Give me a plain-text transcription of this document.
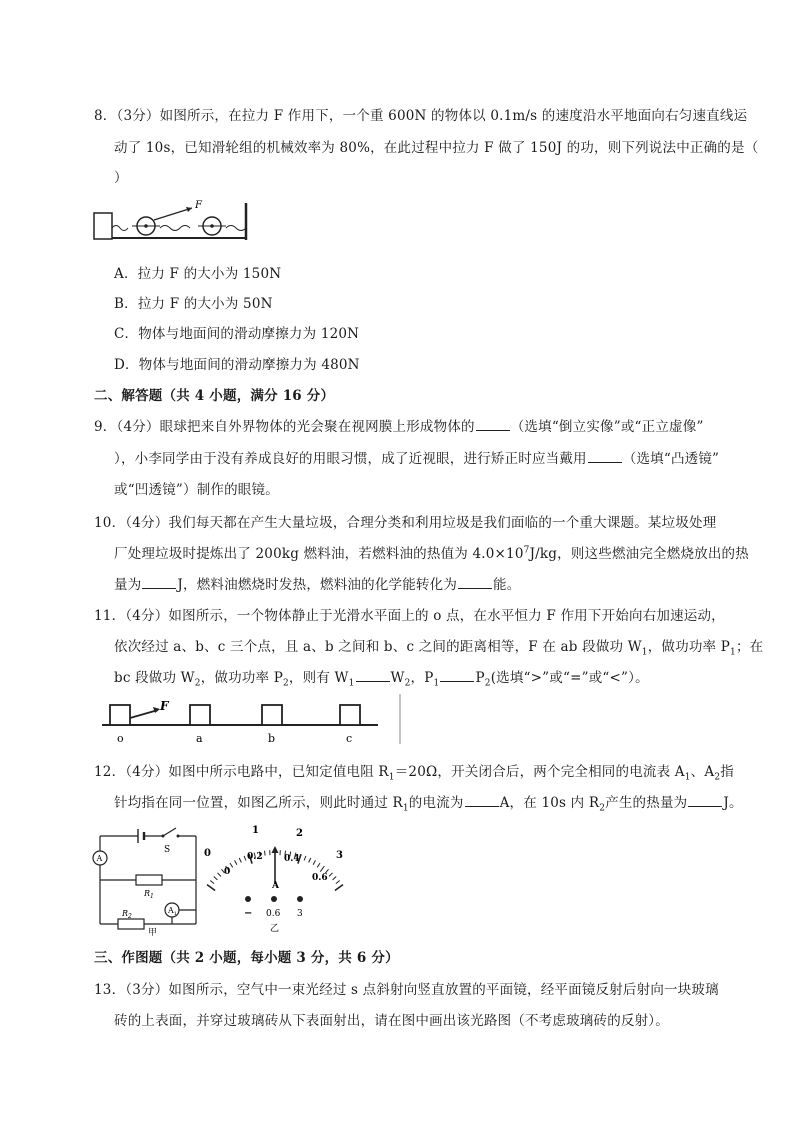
8．（3分）如图所示，在拉力 F 作用下，一个重 600N 的物体以 0.1m/s 的速度沿水平地面向右匀速直线运
动了 10s，已知滑轮组的机械效率为 80%，在此过程中拉力 F 做了 150J 的功，则下列说法中正确的是（
）
F
A．拉力 F 的大小为 150N
B．拉力 F 的大小为 50N
C．物体与地面间的滑动摩擦力为 120N
D．物体与地面间的滑动摩擦力为 480N
二、解答题（共 4 小题，满分 16 分）
9．（4分）眼球把来自外界物体的光会聚在视网膜上形成物体的	（选填“倒立实像”或“正立虚像”
），小李同学由于没有养成良好的用眼习惯，成了近视眼，进行矫正时应当戴用	（选填“凸透镜”
或“凹透镜”）制作的眼镜。
10．（4分）我们每天都在产生大量垃圾，合理分类和利用垃圾是我们面临的一个重大课题。某垃圾处理
厂处理垃圾时提炼出了 200kg 燃料油，若燃料油的热值为 $4.0\times 10^7J/kg$，则这些燃油完全燃烧放出的热
量为	J，燃料油燃烧时发热，燃料油的化学能转化为	能。
11．（4分）如图所示，一个物体静止于光滑水平面上的 o 点，在水平恒力 F 作用下开始向右加速运动，
依次经过 a、b、c 三个点，且 a、b 之间和 b、c 之间的距离相等，F 在 ab 段做功 $W_1$，做功功率 $P_1$；在
bc 段做功 $W_2$，做功功率 $P_2$，则有 $W_1$	$W_2$，$P_1$	$P_2$(选填“>”或“=”或“<”）。
F
o	a	b	c
12．（4分）如图中所示电路中，已知定值电阻 $R_1=20\Omega$，开关闭合后，两个完全相同的电流表 $A_1$、$A_2$指
针均指在同一位置，如图乙所示，则此时通过 $R_1$的电流为	A，在 10s 内 $R_2$产生的热量为	J。
S
A
$R_1$
$A_1$
$R_2$
甲
0
1	2
3
0
0.2 0.4
0.6
A
− 0.6 3
乙
三、作图题（共 2 小题，每小题 3 分，共 6 分）
13．（3分）如图所示，空气中一束光经过 s 点斜射向竖直放置的平面镜，经平面镜反射后射向一块玻璃
砖的上表面，并穿过玻璃砖从下表面射出，请在图中画出该光路图（不考虑玻璃砖的反射）。
